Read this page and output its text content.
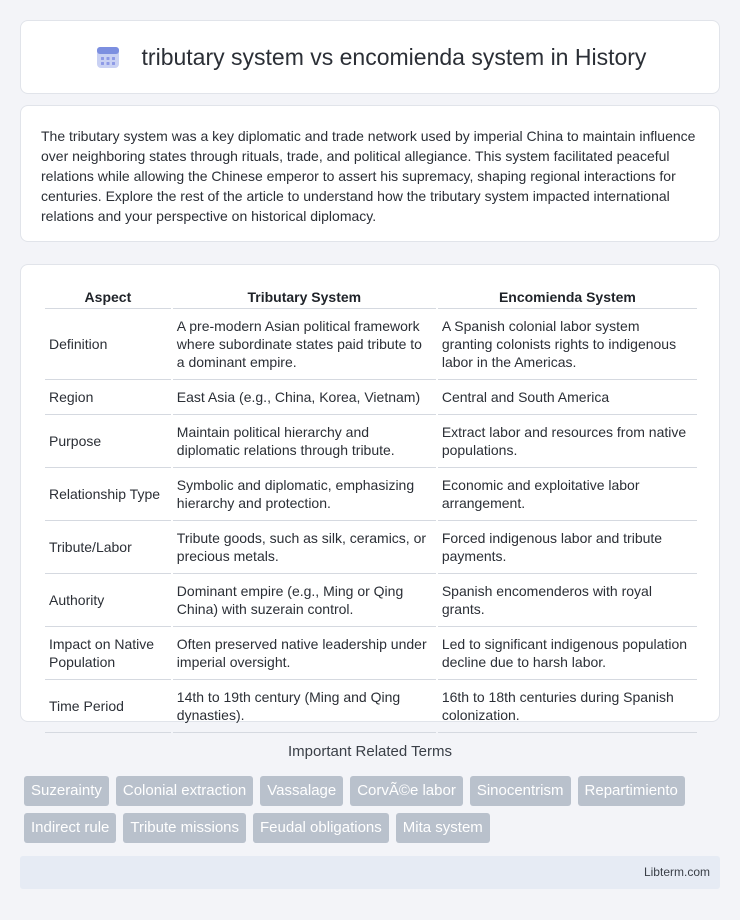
tributary system vs encomienda system in History

The tributary system was a key diplomatic and trade network used by imperial China to maintain influence over neighboring states through rituals, trade, and political allegiance. This system facilitated peaceful relations while allowing the Chinese emperor to assert his supremacy, shaping regional interactions for centuries. Explore the rest of the article to understand how the tributary system impacted international relations and your perspective on historical diplomacy.

Aspect	Tributary System	Encomienda System
Definition	A pre-modern Asian political framework where subordinate states paid tribute to a dominant empire.	A Spanish colonial labor system granting colonists rights to indigenous labor in the Americas.
Region	East Asia (e.g., China, Korea, Vietnam)	Central and South America
Purpose	Maintain political hierarchy and diplomatic relations through tribute.	Extract labor and resources from native populations.
Relationship Type	Symbolic and diplomatic, emphasizing hierarchy and protection.	Economic and exploitative labor arrangement.
Tribute/Labor	Tribute goods, such as silk, ceramics, or precious metals.	Forced indigenous labor and tribute payments.
Authority	Dominant empire (e.g., Ming or Qing China) with suzerain control.	Spanish encomenderos with royal grants.
Impact on Native Population	Often preserved native leadership under imperial oversight.	Led to significant indigenous population decline due to harsh labor.
Time Period	14th to 19th century (Ming and Qing dynasties).	16th to 18th centuries during Spanish colonization.
Important Related Terms
Suzerainty	Colonial extraction	Vassalage	CorvÃ©e labor	Sinocentrism	Repartimiento
Indirect rule	Tribute missions	Feudal obligations	Mita system
Libterm.com
